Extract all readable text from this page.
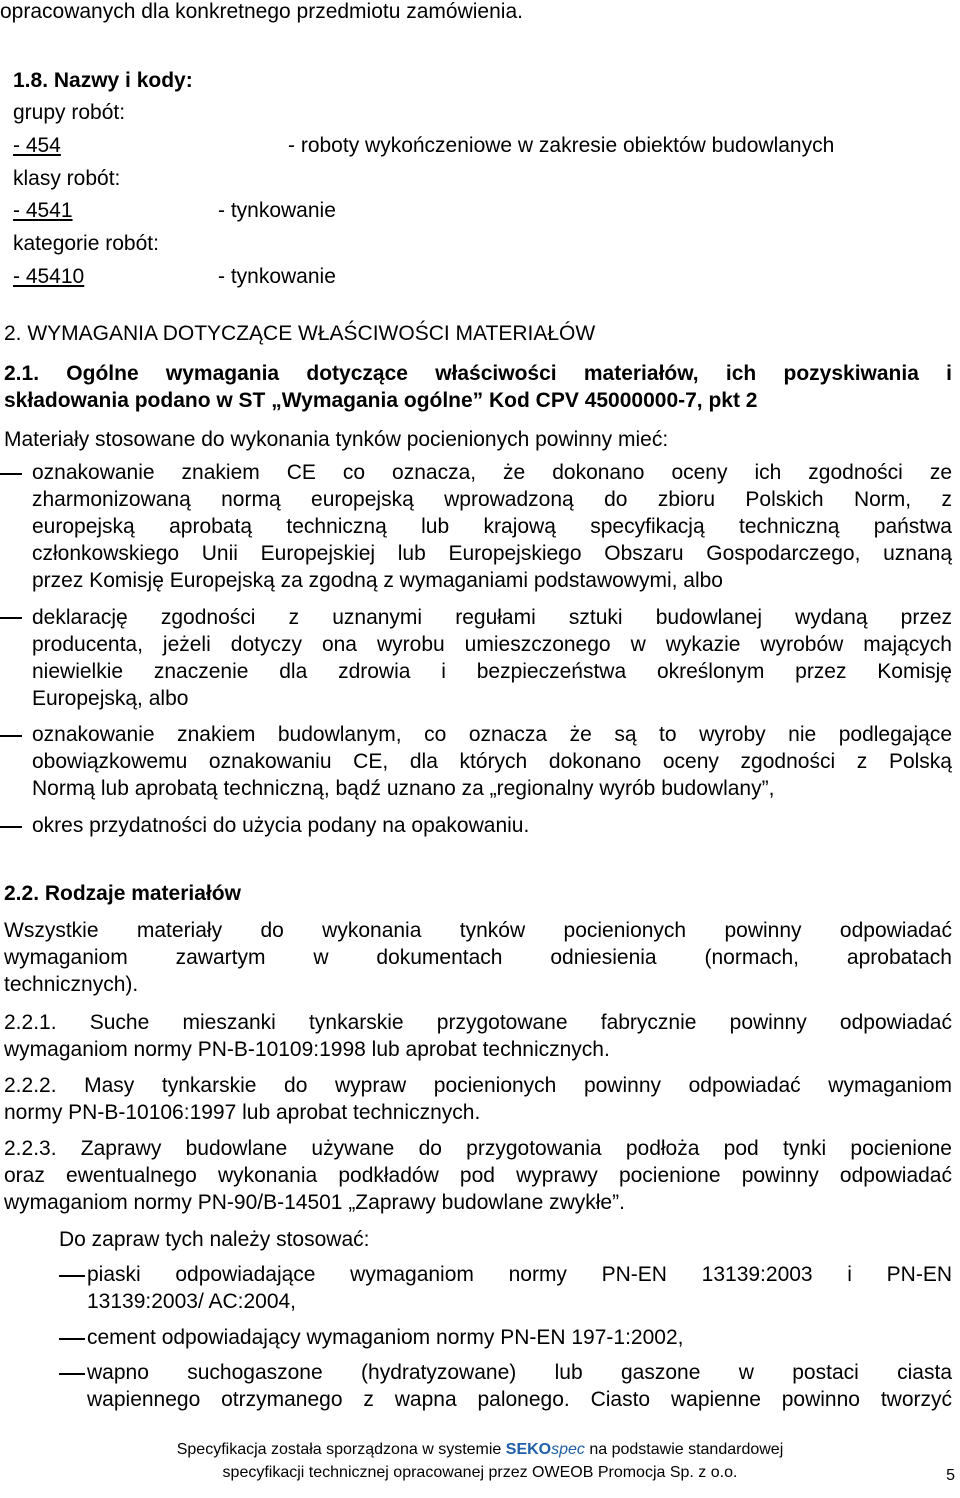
opracowanych dla konkretnego przedmiotu zamówienia.
1.8. Nazwy i kody:
grupy robót:
- 454	- roboty wykończeniowe w zakresie obiektów budowlanych
klasy robót:
- 4541	- tynkowanie
kategorie robót:
- 45410	- tynkowanie
2. WYMAGANIA DOTYCZĄCE WŁAŚCIWOŚCI MATERIAŁÓW
2.1. Ogólne wymagania dotyczące właściwości materiałów, ich pozyskiwania i
składowania podano w ST „Wymagania ogólne” Kod CPV 45000000-7, pkt 2
Materiały stosowane do wykonania tynków pocienionych powinny mieć:
oznakowanie znakiem CE co oznacza, że dokonano oceny ich zgodności ze
zharmonizowaną normą europejską wprowadzoną do zbioru Polskich Norm, z
europejską aprobatą techniczną lub krajową specyfikacją techniczną państwa
członkowskiego Unii Europejskiej lub Europejskiego Obszaru Gospodarczego, uznaną
przez Komisję Europejską za zgodną z wymaganiami podstawowymi, albo
deklarację zgodności z uznanymi regułami sztuki budowlanej wydaną przez
producenta, jeżeli dotyczy ona wyrobu umieszczonego w wykazie wyrobów mających
niewielkie znaczenie dla zdrowia i bezpieczeństwa określonym przez Komisję
Europejską, albo
oznakowanie znakiem budowlanym, co oznacza że są to wyroby nie podlegające
obowiązkowemu oznakowaniu CE, dla których dokonano oceny zgodności z Polską
Normą lub aprobatą techniczną, bądź uznano za „regionalny wyrób budowlany”,
okres przydatności do użycia podany na opakowaniu.
2.2. Rodzaje materiałów
Wszystkie materiały do wykonania tynków pocienionych powinny odpowiadać
wymaganiom zawartym w dokumentach odniesienia (normach, aprobatach
technicznych).
2.2.1. Suche mieszanki tynkarskie przygotowane fabrycznie powinny odpowiadać
wymaganiom normy PN-B-10109:1998 lub aprobat technicznych.
2.2.2. Masy tynkarskie do wypraw pocienionych powinny odpowiadać wymaganiom
normy PN-B-10106:1997 lub aprobat technicznych.
2.2.3. Zaprawy budowlane używane do przygotowania podłoża pod tynki pocienione
oraz ewentualnego wykonania podkładów pod wyprawy pocienione powinny odpowiadać
wymaganiom normy PN-90/B-14501 „Zaprawy budowlane zwykłe”.
Do zapraw tych należy stosować:
piaski odpowiadające wymaganiom normy PN-EN 13139:2003 i PN-EN
13139:2003/ AC:2004,
cement odpowiadający wymaganiom normy PN-EN 197-1:2002,
wapno suchogaszone (hydratyzowane) lub gaszone w postaci ciasta
wapiennego otrzymanego z wapna palonego. Ciasto wapienne powinno tworzyć
Specyfikacja została sporządzona w systemie SEKOspec na podstawie standardowej
specyfikacji technicznej opracowanej przez OWEOB Promocja Sp. z o.o.	5
